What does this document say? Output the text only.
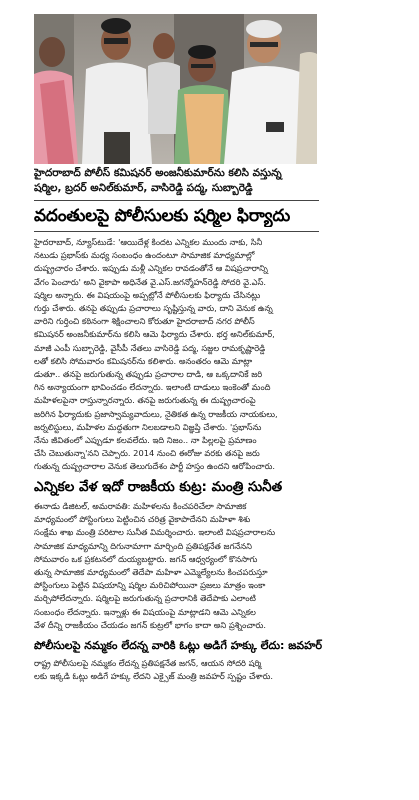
హైదరాబాద్ పోలీస్ కమిషనర్ అంజనీకుమార్‌ను కలిసి వస్తున్న
షర్మిల, బ్రదర్ అనిల్‌కుమార్, వాసిరెడ్డి పద్మ, సుబ్బారెడ్డి
వదంతులపై పోలీసులకు షర్మిల ఫిర్యాదు

హైదరాబాద్, న్యూస్‌టుడే: 'ఆయిదేళ్ల కిందట ఎన్నికల ముందు నాకు, సినీ

నటుడు ప్రభాస్‌కు మధ్య సంబంధం ఉందంటూ సామాజిక మాధ్యమాల్లో

దుష్ప్రచారం చేశారు. ఇప్పుడు మళ్లీ ఎన్నికల రావడంతోనే ఆ విషప్రచారాన్ని

వేగం పెంచారు' అని వైకాపా అధినేత వై.ఎస్.జగన్మోహన్‌రెడ్డి సోదరి వై.ఎస్.

షర్మిల అన్నారు. ఈ విషయంపై అప్పట్లోనే పోలీసులకు ఫిర్యాదు చేసినట్లు

గుర్తు చేశారు. తనపై తప్పుడు ప్రచారాలు సృష్టిస్తున్న వారు, దాని వెనుక ఉన్న

వారిని గుర్తించి కఠినంగా శిక్షించాలని కోరుతూ హైదరాబాద్ నగర పోలీస్

కమిషనర్ అంజనీకుమార్‌ను కలిసి ఆమె ఫిర్యాదు చేశారు. భర్త అనిల్‌కుమార్,

మాజీ ఎంపీ సుబ్బారెడ్డి, వైసీపీ నేతలు వాసిరెడ్డి పద్మ, సజ్జల రామకృష్ణారెడ్డి

లతో కలిసి సోమవారం కమిషనర్‌ను కలిశారు. అనంతరం ఆమె మాట్లా

డుతూ.. తనపై జరుగుతున్న తప్పుడు ప్రచారాల దాడి, ఆ ఒక్కదానికే జరి

గిన అన్యాయంగా భావించడం లేదన్నారు. ఇలాంటి దాడులు ఇంకెంతో మంది

మహిళలపైనా రాస్తున్నారన్నారు. తనపై జరుగుతున్న ఈ దుష్ప్రచారంపై

జరిగిన ఫిర్యాదుకు ప్రజాస్వామ్యవాదులు, నైతికత ఉన్న రాజకీయ నాయకులు,

జర్నలిస్టులు, మహిళల మద్దతుగా నిలబడాలని విజ్ఞప్తి చేశారు. 'ప్రభాస్‌ను

నేను జీవితంలో ఎప్పుడూ కలవలేదు. ఇది నిజం.. నా పిల్లలపై ప్రమాణం

చేసి చెబుతున్నా'నని చెప్పారు. 2014 నుంచి ఈరోజు వరకు తనపై జరు

గుతున్న దుష్ప్రచారాల వెనుక తెలుగుదేశం పార్టీ హస్తం ఉందని ఆరోపించారు.

ఎన్నికల వేళ ఇదో రాజకీయ కుట్ర: మంత్రి సునీత

ఈనాడు డిజిటల్, అమరావతి: మహిళలను కించపరిచేలా సామాజిక

మాధ్యమంలో పోస్టింగులు పెట్టించిన చరిత్ర వైకాపాదేనని మహిళా శిశు

సంక్షేమ శాఖ మంత్రి పరిటాల సునీత విమర్శించారు. ఇలాంటి విషప్రచారాలను

సామాజిక మాధ్యమాన్ని దిగునామాగా మార్చింది ప్రతిపక్షనేత జగనేనని

సోమవారం ఒక ప్రకటనలో దుయ్యబట్టారు. జగన్ ఆధ్వర్యంలో కొనసాగు

తున్న సామాజిక మాధ్యమంలో తెదేపా మహిళా ఎమ్మెల్యేలను కించపరుస్తూ

పోస్టింగులు పెట్టిన విషయాన్ని షర్మిల మరిచిపోయినా ప్రజలు మాత్రం ఇంకా

మర్చిపోలేదన్నారు. షర్మిలపై జరుగుతున్న ప్రచారానికి తెదేపాకు ఎలాంటి

సంబంధం లేదన్నారు. ఇన్నాళ్లు ఈ విషయంపై మాట్లాడని ఆమె ఎన్నికల

వేళ దీన్ని రాజకీయం చేయడం జగన్ కుట్రలో భాగం కాదా అని ప్రశ్నించారు.

పోలీసులపై నమ్మకం లేదన్న వారికి ఓట్లు అడిగే హక్కు లేదు: జవహర్

రాష్ట్ర పోలీసులపై నమ్మకం లేదన్న ప్రతిపక్షనేత జగన్, ఆయన సోదరి షర్మి

లకు ఇక్కడి ఓట్లు అడిగే హక్కు లేదని ఎక్సైజ్ మంత్రి జవహర్ స్పష్టం చేశారు.
